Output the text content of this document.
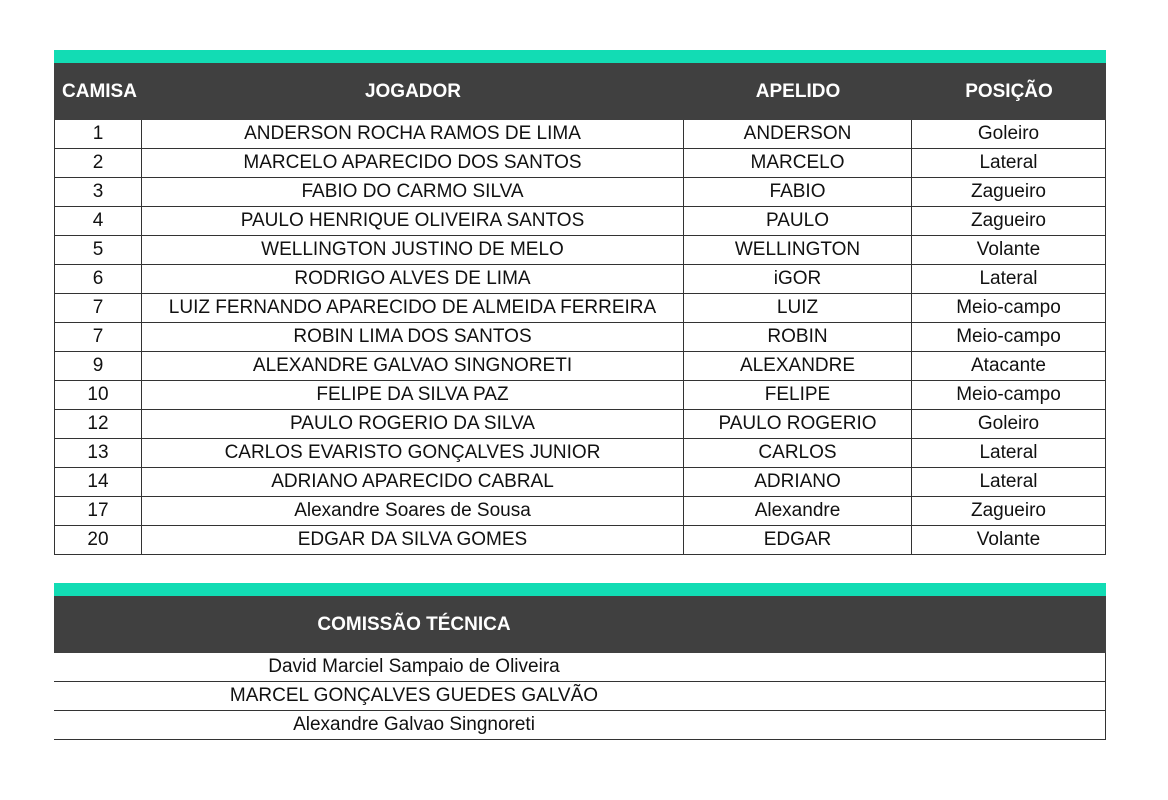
CAMISA	JOGADOR	APELIDO	POSIÇÃO
1	ANDERSON ROCHA RAMOS DE LIMA	ANDERSON	Goleiro
2	MARCELO APARECIDO DOS SANTOS	MARCELO	Lateral
3	FABIO DO CARMO SILVA	FABIO	Zagueiro
4	PAULO HENRIQUE OLIVEIRA SANTOS	PAULO	Zagueiro
5	WELLINGTON JUSTINO DE MELO	WELLINGTON	Volante
6	RODRIGO ALVES DE LIMA	iGOR	Lateral
7	LUIZ FERNANDO APARECIDO DE ALMEIDA FERREIRA	LUIZ	Meio-campo
7	ROBIN LIMA DOS SANTOS	ROBIN	Meio-campo
9	ALEXANDRE GALVAO SINGNORETI	ALEXANDRE	Atacante
10	FELIPE DA SILVA PAZ	FELIPE	Meio-campo
12	PAULO ROGERIO DA SILVA	PAULO ROGERIO	Goleiro
13	CARLOS EVARISTO GONÇALVES JUNIOR	CARLOS	Lateral
14	ADRIANO APARECIDO CABRAL	ADRIANO	Lateral
17	Alexandre Soares de Sousa	Alexandre	Zagueiro
20	EDGAR DA SILVA GOMES	EDGAR	Volante
COMISSÃO TÉCNICA
David Marciel Sampaio de Oliveira
MARCEL GONÇALVES GUEDES GALVÃO
Alexandre Galvao Singnoreti
